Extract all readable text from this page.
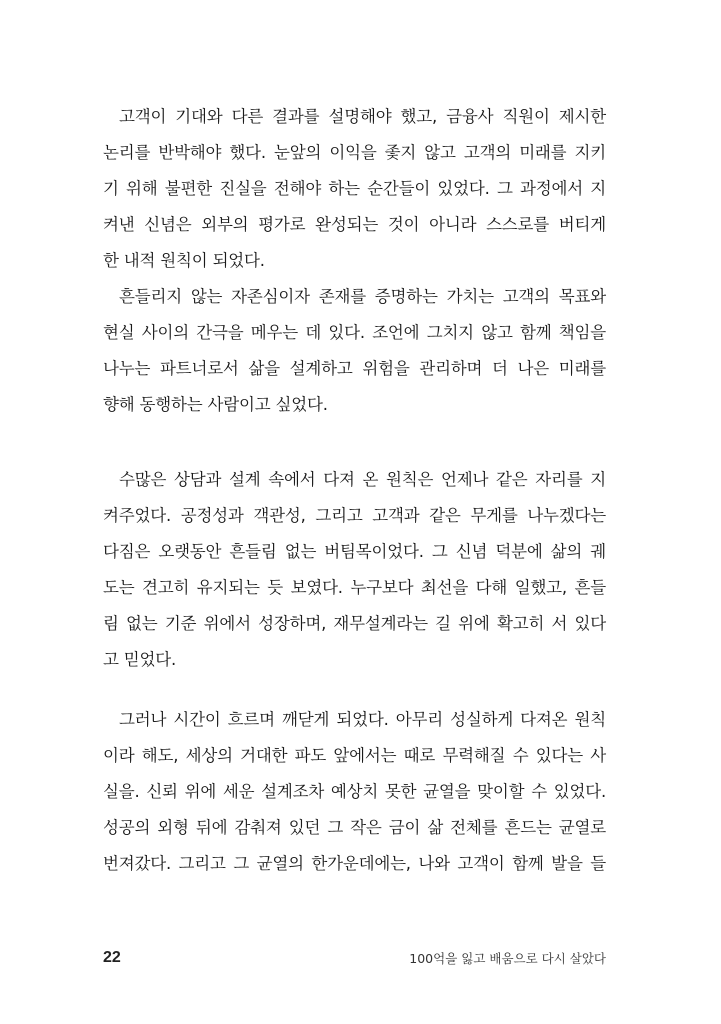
고객이 기대와 다른 결과를 설명해야 했고, 금융사 직원이 제시한
논리를 반박해야 했다. 눈앞의 이익을 좇지 않고 고객의 미래를 지키
기 위해 불편한 진실을 전해야 하는 순간들이 있었다. 그 과정에서 지
켜낸 신념은 외부의 평가로 완성되는 것이 아니라 스스로를 버티게
한 내적 원칙이 되었다.
흔들리지 않는 자존심이자 존재를 증명하는 가치는 고객의 목표와
현실 사이의 간극을 메우는 데 있다. 조언에 그치지 않고 함께 책임을
나누는 파트너로서 삶을 설계하고 위험을 관리하며 더 나은 미래를
향해 동행하는 사람이고 싶었다.
수많은 상담과 설계 속에서 다져 온 원칙은 언제나 같은 자리를 지
켜주었다. 공정성과 객관성, 그리고 고객과 같은 무게를 나누겠다는
다짐은 오랫동안 흔들림 없는 버팀목이었다. 그 신념 덕분에 삶의 궤
도는 견고히 유지되는 듯 보였다. 누구보다 최선을 다해 일했고, 흔들
림 없는 기준 위에서 성장하며, 재무설계라는 길 위에 확고히 서 있다
고 믿었다.
그러나 시간이 흐르며 깨닫게 되었다. 아무리 성실하게 다져온 원칙
이라 해도, 세상의 거대한 파도 앞에서는 때로 무력해질 수 있다는 사
실을. 신뢰 위에 세운 설계조차 예상치 못한 균열을 맞이할 수 있었다.
성공의 외형 뒤에 감춰져 있던 그 작은 금이 삶 전체를 흔드는 균열로
번져갔다. 그리고 그 균열의 한가운데에는, 나와 고객이 함께 발을 들
22	100억을 잃고 배움으로 다시 살았다
